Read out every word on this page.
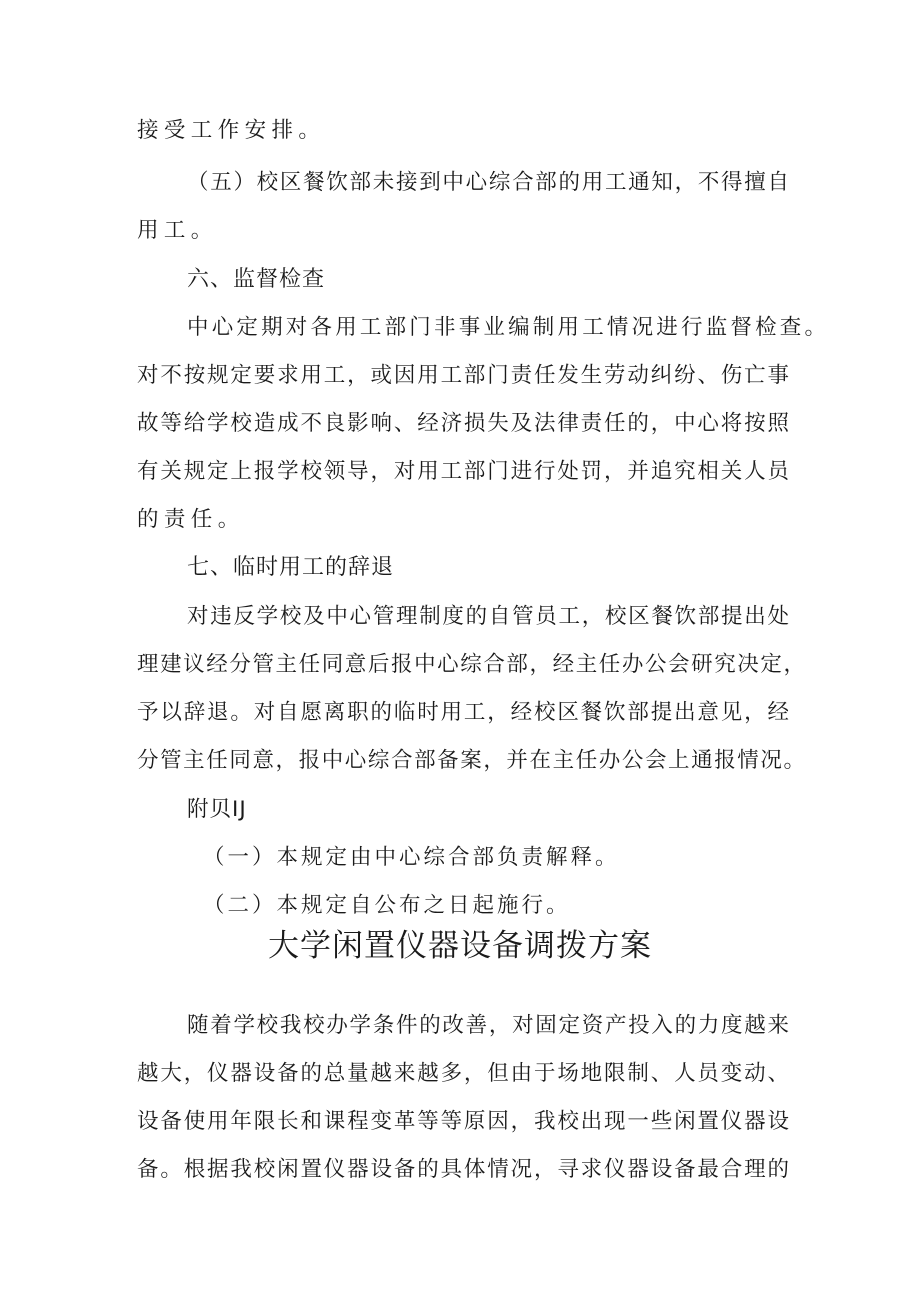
接受工作安排。
（五）校区餐饮部未接到中心综合部的用工通知，不得擅自
用工。
六、监督检查
中心定期对各用工部门非事业编制用工情况进行监督检查。
对不按规定要求用工，或因用工部门责任发生劳动纠纷、伤亡事
故等给学校造成不良影响、经济损失及法律责任的，中心将按照
有关规定上报学校领导，对用工部门进行处罚，并追究相关人员
的责任。
七、临时用工的辞退
对违反学校及中心管理制度的自管员工，校区餐饮部提出处
理建议经分管主任同意后报中心综合部，经主任办公会研究决定，
予以辞退。对自愿离职的临时用工，经校区餐饮部提出意见，经
分管主任同意，报中心综合部备案，并在主任办公会上通报情况。
附贝IJ
（一）本规定由中心综合部负责解释。
（二）本规定自公布之日起施行。
大学闲置仪器设备调拨方案
随着学校我校办学条件的改善，对固定资产投入的力度越来
越大，仪器设备的总量越来越多，但由于场地限制、人员变动、
设备使用年限长和课程变革等等原因，我校出现一些闲置仪器设
备。根据我校闲置仪器设备的具体情况，寻求仪器设备最合理的
